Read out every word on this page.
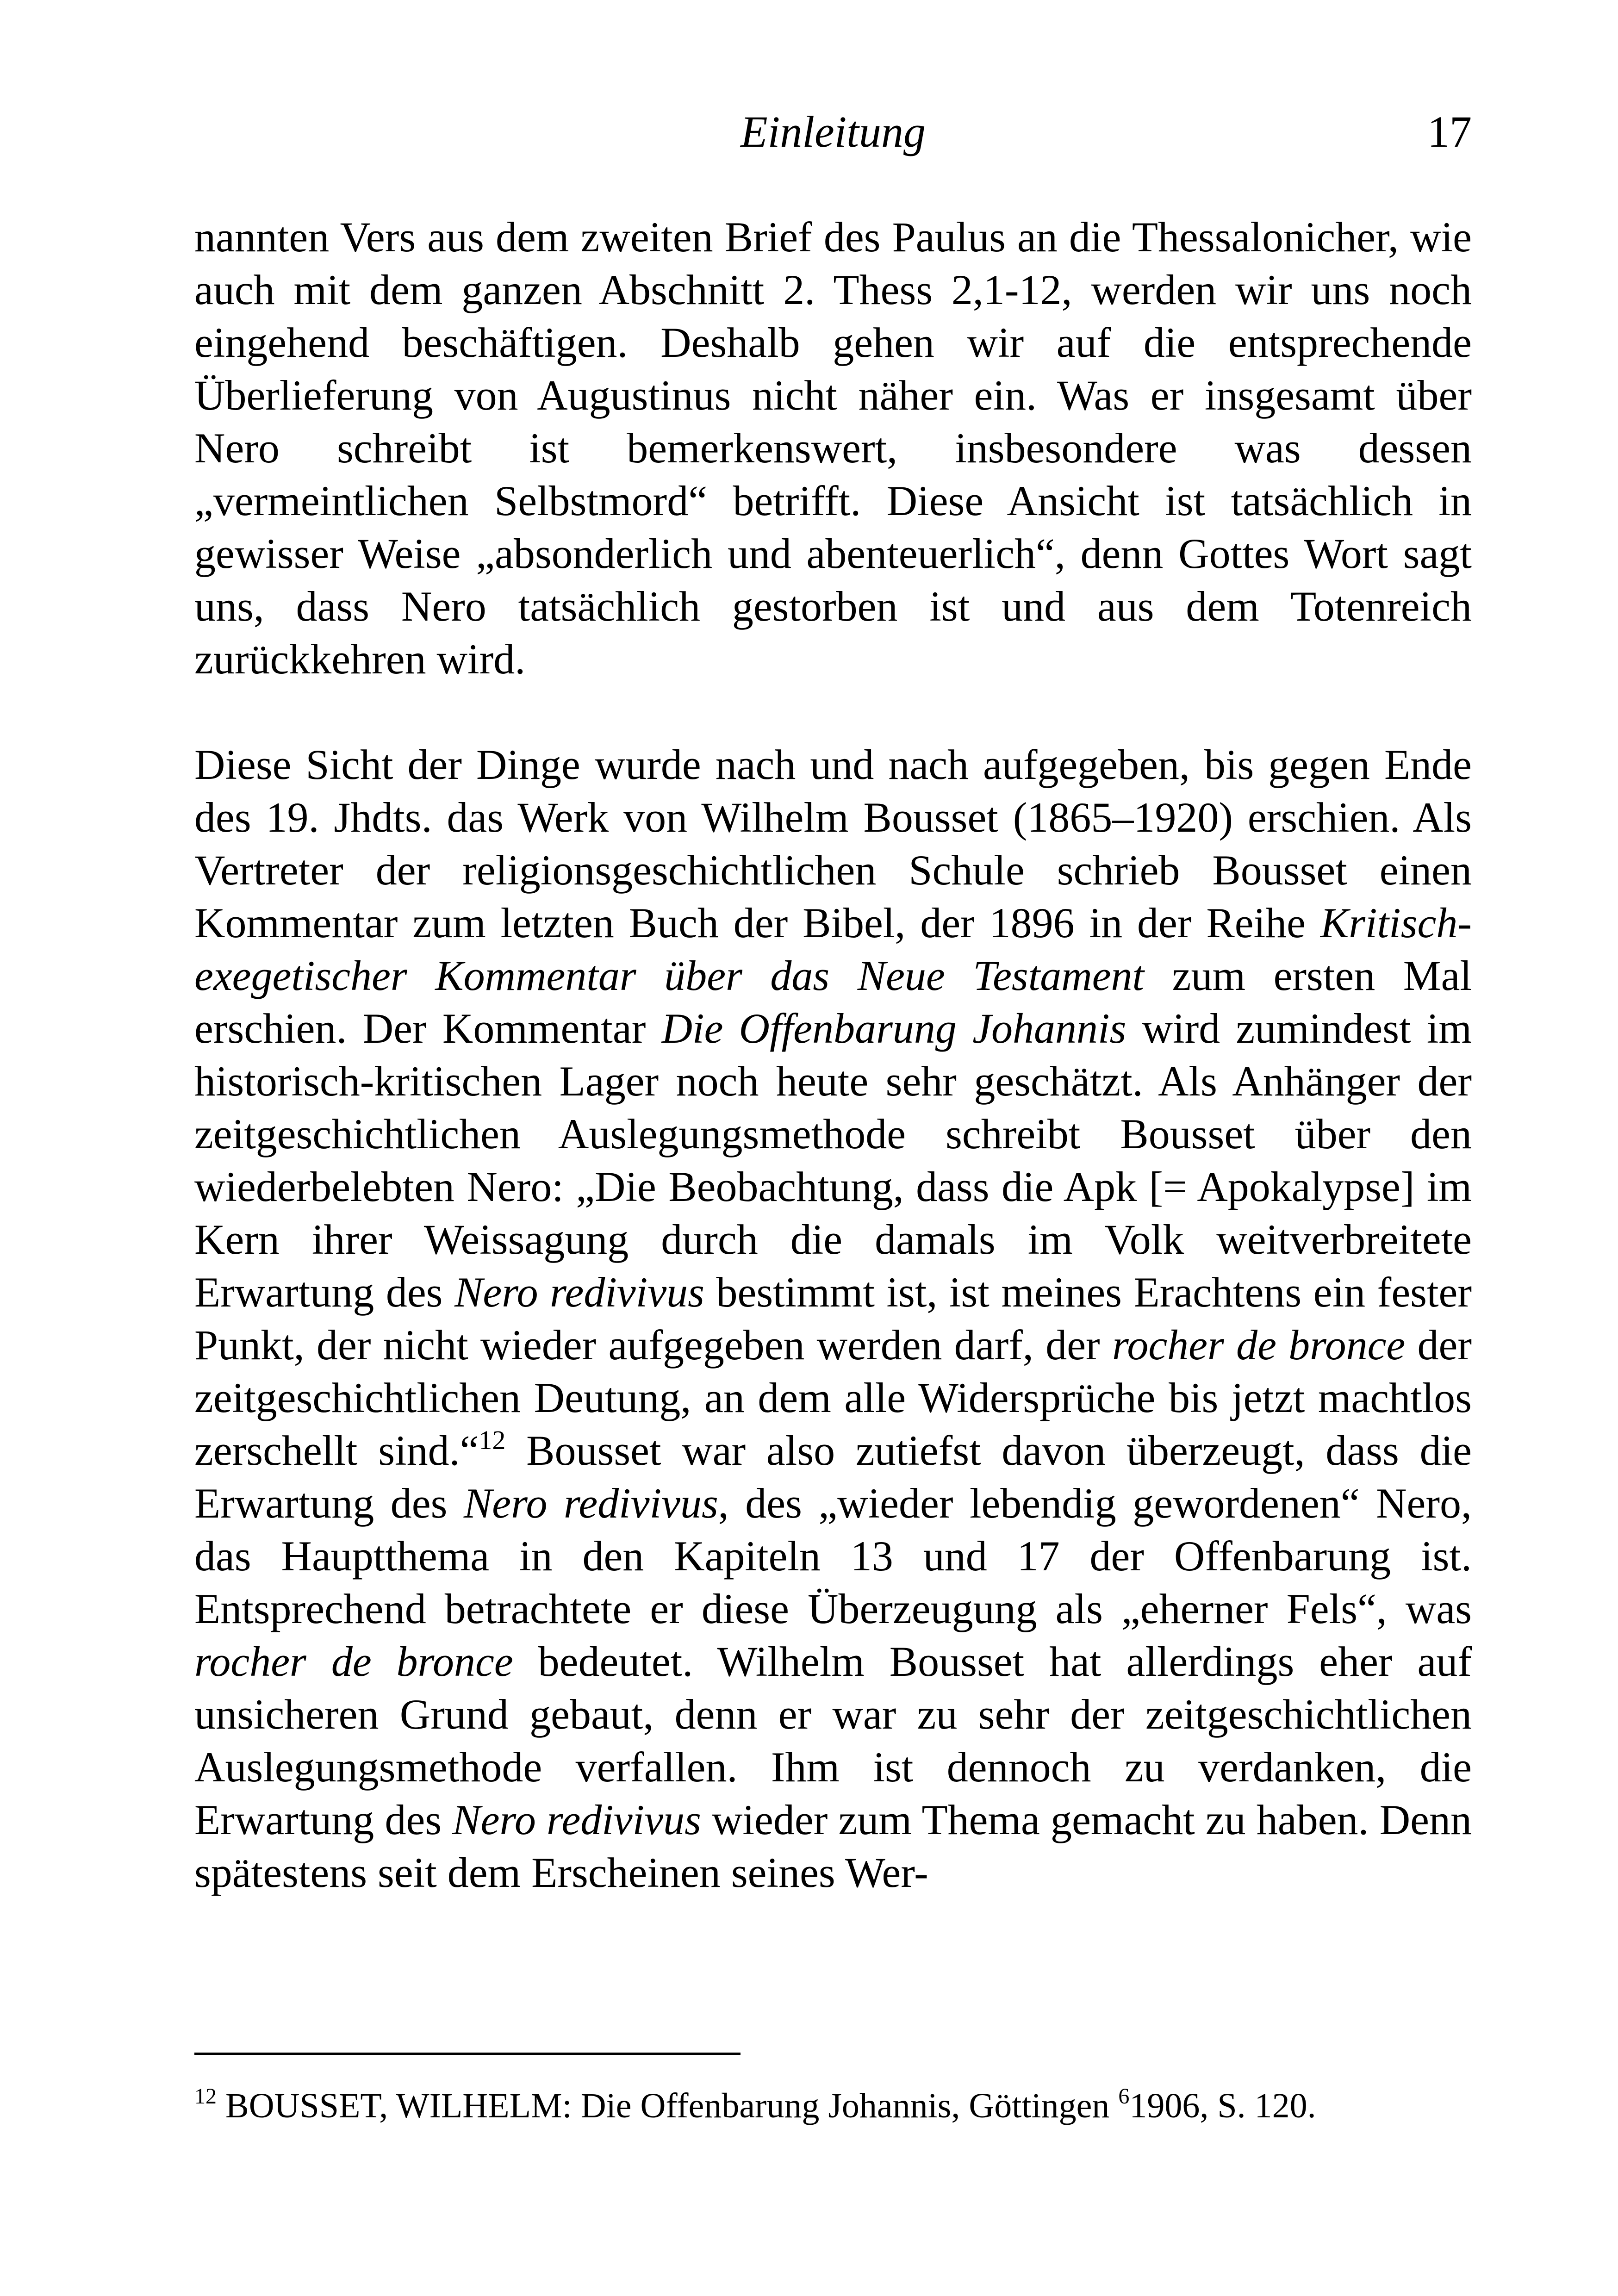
Einleitung	17

nannten Vers aus dem zweiten Brief des Paulus an die Thessalonicher, wie auch mit dem ganzen Abschnitt 2. Thess 2,1-12, werden wir uns noch eingehend beschäftigen. Deshalb gehen wir auf die entsprechende Überlieferung von Augustinus nicht näher ein. Was er insgesamt über Nero schreibt ist bemerkenswert, insbesondere was dessen „vermeintlichen Selbstmord“ betrifft. Diese Ansicht ist tatsächlich in gewisser Weise „absonderlich und abenteuerlich“, denn Gottes Wort sagt uns, dass Nero tatsächlich gestorben ist und aus dem Totenreich zurückkehren wird.

Diese Sicht der Dinge wurde nach und nach aufgegeben, bis gegen Ende des 19. Jhdts. das Werk von Wilhelm Bousset (1865–1920) erschien. Als Vertreter der religionsgeschichtlichen Schule schrieb Bousset einen Kommentar zum letzten Buch der Bibel, der 1896 in der Reihe Kritisch-exegetischer Kommentar über das Neue Testament zum ersten Mal erschien. Der Kommentar Die Offenbarung Johannis wird zumindest im historisch-kritischen Lager noch heute sehr geschätzt. Als Anhänger der zeitgeschichtlichen Auslegungsmethode schreibt Bousset über den wiederbelebten Nero: „Die Beobachtung, dass die Apk [= Apokalypse] im Kern ihrer Weissagung durch die damals im Volk weitverbreitete Erwartung des Nero redivivus bestimmt ist, ist meines Erachtens ein fester Punkt, der nicht wieder aufgegeben werden darf, der rocher de bronce der zeitgeschichtlichen Deutung, an dem alle Widersprüche bis jetzt machtlos zerschellt sind.“$^{12}$ Bousset war also zutiefst davon überzeugt, dass die Erwartung des Nero redivivus, des „wieder lebendig gewordenen“ Nero, das Hauptthema in den Kapiteln 13 und 17 der Offenbarung ist. Entsprechend betrachtete er diese Überzeugung als „eherner Fels“, was rocher de bronce bedeutet. Wilhelm Bousset hat allerdings eher auf unsicheren Grund gebaut, denn er war zu sehr der zeitgeschichtlichen Auslegungsmethode verfallen. Ihm ist dennoch zu verdanken, die Erwartung des Nero redivivus wieder zum Thema gemacht zu haben. Denn spätestens seit dem Erscheinen seines Wer-

$^{12}$ BOUSSET, WILHELM: Die Offenbarung Johannis, Göttingen $^6$1906, S. 120.
